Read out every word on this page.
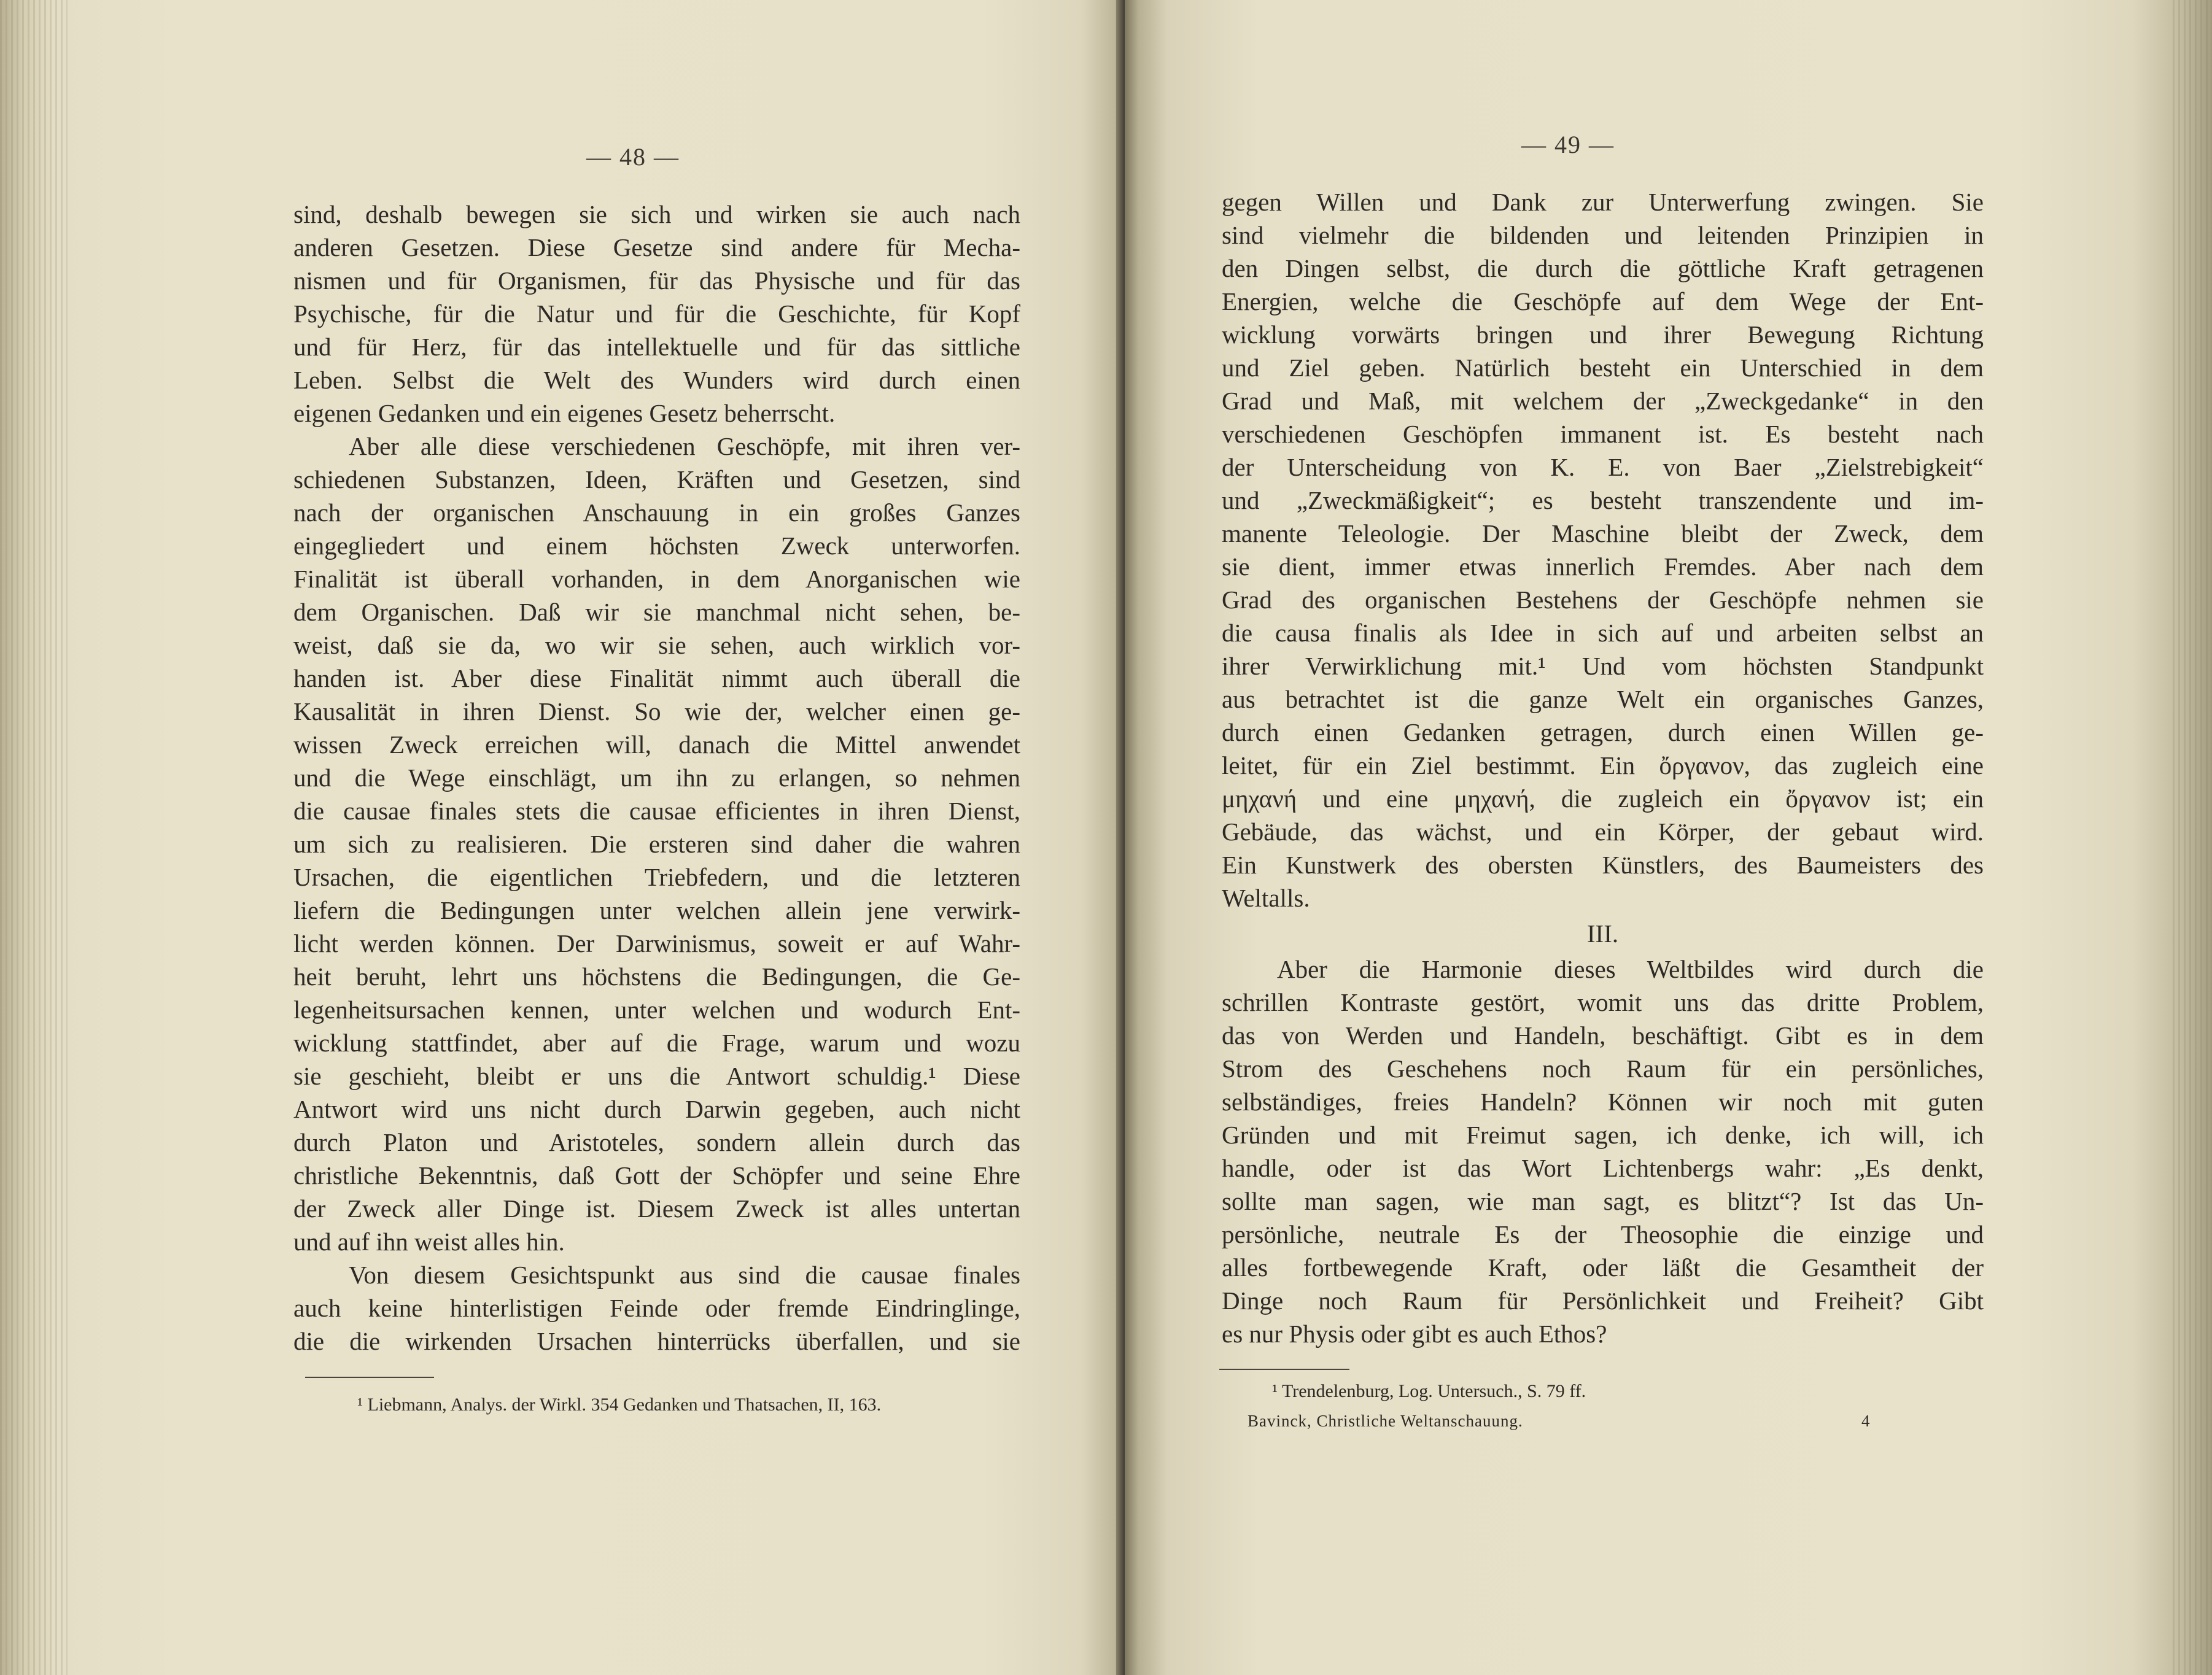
— 48 —
sind, deshalb bewegen sie sich und wirken sie auch nach
anderen Gesetzen. Diese Gesetze sind andere für Mecha-
nismen und für Organismen, für das Physische und für das
Psychische, für die Natur und für die Geschichte, für Kopf
und für Herz, für das intellektuelle und für das sittliche
Leben. Selbst die Welt des Wunders wird durch einen
eigenen Gedanken und ein eigenes Gesetz beherrscht.
Aber alle diese verschiedenen Geschöpfe, mit ihren ver-
schiedenen Substanzen, Ideen, Kräften und Gesetzen, sind
nach der organischen Anschauung in ein großes Ganzes
eingegliedert und einem höchsten Zweck unterworfen.
Finalität ist überall vorhanden, in dem Anorganischen wie
dem Organischen. Daß wir sie manchmal nicht sehen, be-
weist, daß sie da, wo wir sie sehen, auch wirklich vor-
handen ist. Aber diese Finalität nimmt auch überall die
Kausalität in ihren Dienst. So wie der, welcher einen ge-
wissen Zweck erreichen will, danach die Mittel anwendet
und die Wege einschlägt, um ihn zu erlangen, so nehmen
die causae finales stets die causae efficientes in ihren Dienst,
um sich zu realisieren. Die ersteren sind daher die wahren
Ursachen, die eigentlichen Triebfedern, und die letzteren
liefern die Bedingungen unter welchen allein jene verwirk-
licht werden können. Der Darwinismus, soweit er auf Wahr-
heit beruht, lehrt uns höchstens die Bedingungen, die Ge-
legenheitsursachen kennen, unter welchen und wodurch Ent-
wicklung stattfindet, aber auf die Frage, warum und wozu
sie geschieht, bleibt er uns die Antwort schuldig.¹ Diese
Antwort wird uns nicht durch Darwin gegeben, auch nicht
durch Platon und Aristoteles, sondern allein durch das
christliche Bekenntnis, daß Gott der Schöpfer und seine Ehre
der Zweck aller Dinge ist. Diesem Zweck ist alles untertan
und auf ihn weist alles hin.
Von diesem Gesichtspunkt aus sind die causae finales
auch keine hinterlistigen Feinde oder fremde Eindringlinge,
die die wirkenden Ursachen hinterrücks überfallen, und sie
¹ Liebmann, Analys. der Wirkl. 354 Gedanken und Thatsachen, II, 163.
— 49 —
gegen Willen und Dank zur Unterwerfung zwingen. Sie
sind vielmehr die bildenden und leitenden Prinzipien in
den Dingen selbst, die durch die göttliche Kraft getragenen
Energien, welche die Geschöpfe auf dem Wege der Ent-
wicklung vorwärts bringen und ihrer Bewegung Richtung
und Ziel geben. Natürlich besteht ein Unterschied in dem
Grad und Maß, mit welchem der „Zweckgedanke“ in den
verschiedenen Geschöpfen immanent ist. Es besteht nach
der Unterscheidung von K. E. von Baer „Zielstrebigkeit“
und „Zweckmäßigkeit“; es besteht transzendente und im-
manente Teleologie. Der Maschine bleibt der Zweck, dem
sie dient, immer etwas innerlich Fremdes. Aber nach dem
Grad des organischen Bestehens der Geschöpfe nehmen sie
die causa finalis als Idee in sich auf und arbeiten selbst an
ihrer Verwirklichung mit.¹ Und vom höchsten Standpunkt
aus betrachtet ist die ganze Welt ein organisches Ganzes,
durch einen Gedanken getragen, durch einen Willen ge-
leitet, für ein Ziel bestimmt. Ein ὄργανον, das zugleich eine
μηχανή und eine μηχανή, die zugleich ein ὄργανον ist; ein
Gebäude, das wächst, und ein Körper, der gebaut wird.
Ein Kunstwerk des obersten Künstlers, des Baumeisters des
Weltalls.
III.
Aber die Harmonie dieses Weltbildes wird durch die
schrillen Kontraste gestört, womit uns das dritte Problem,
das von Werden und Handeln, beschäftigt. Gibt es in dem
Strom des Geschehens noch Raum für ein persönliches,
selbständiges, freies Handeln? Können wir noch mit guten
Gründen und mit Freimut sagen, ich denke, ich will, ich
handle, oder ist das Wort Lichtenbergs wahr: „Es denkt,
sollte man sagen, wie man sagt, es blitzt“? Ist das Un-
persönliche, neutrale Es der Theosophie die einzige und
alles fortbewegende Kraft, oder läßt die Gesamtheit der
Dinge noch Raum für Persönlichkeit und Freiheit? Gibt
es nur Physis oder gibt es auch Ethos?
¹ Trendelenburg, Log. Untersuch., S. 79 ff.
Bavinck, Christliche Weltanschauung.	4
